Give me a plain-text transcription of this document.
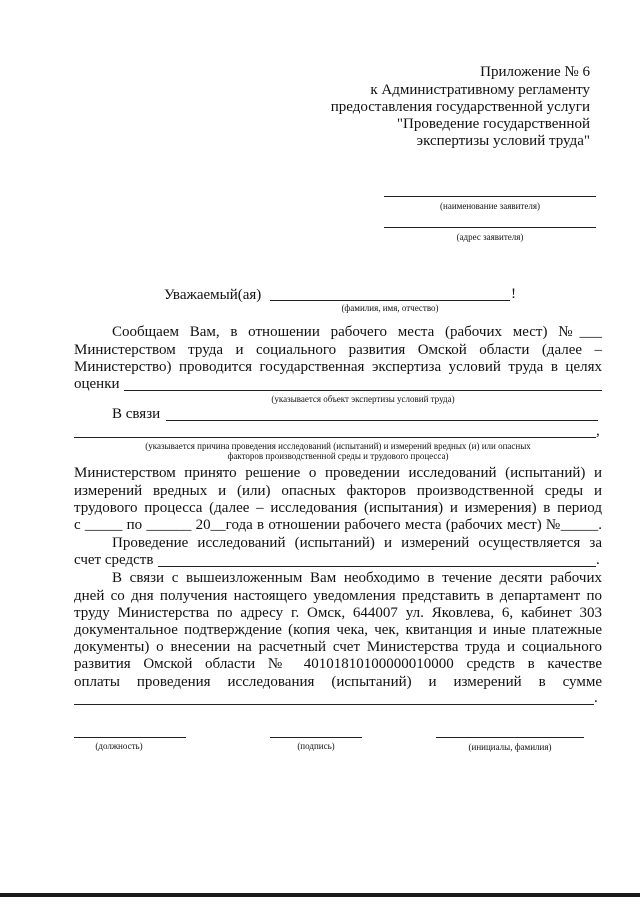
Приложение № 6

к Административному регламенту

предоставления государственной услуги

"Проведение государственной

экспертизы условий труда"

(наименование заявителя)
(адрес заявителя)

Уважаемый(ая)	!

(фамилия, имя, отчество)
Сообщаем Вам, в отношении рабочего места (рабочих мест) №___
Министерством труда и социального развития Омской области (далее –
Министерство) проводится государственная экспертиза условий труда в целях

оценки

(указывается объект экспертизы условий труда)

В связи

,

(указывается причина проведения исследований (испытаний) и измерений вредных (и) или опасных
факторов производственной среды и трудового процесса)
Министерством принято решение о проведении исследований (испытаний) и
измерений вредных и (или) опасных факторов производственной среды и
трудового процесса (далее – исследования (испытания) и измерения) в период
с _____ по ______ 20__года в отношении рабочего места (рабочих мест) №_____.
Проведение исследований (испытаний) и измерений осуществляется за

счет средств	.

В связи с вышеизложенным Вам необходимо в течение десяти рабочих
дней со дня получения настоящего уведомления представить в департамент по
труду Министерства по адресу г. Омск, 644007 ул. Яковлева, 6, кабинет 303
документальное подтверждение (копия чека, чек, квитанция и иные платежные
документы) о внесении на расчетный счет Министерства труда и социального
развития Омской области № 40101810100000010000 средств в качестве
оплаты проведения исследования (испытаний) и измерений в сумме

.

(должность)	(подпись)	(инициалы, фамилия)
